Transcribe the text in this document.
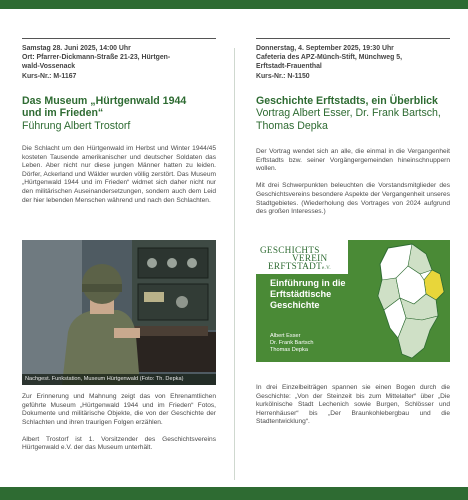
Samstag 28. Juni 2025, 14:00 Uhr
Ort: Pfarrer-Dickmann-Straße 21-23, Hürtgen-
wald-Vossenack
Kurs-Nr.: M-1167
Das Museum „Hürtgenwald 1944
und im Frieden“
Führung Albert Trostorf

Die Schlacht um den Hürtgenwald im Herbst und Winter 1944/45 kosteten Tausende amerikanischer und deutscher Soldaten das Leben. Aber nicht nur diese jungen Männer hatten zu leiden. Dörfer, Ackerland und Wälder wurden völlig zerstört. Das Museum „Hürtgenwald 1944 und im Frieden“ widmet sich daher nicht nur den militärischen Auseinandersetzungen, sondern auch dem Leid der hier lebenden Menschen während und nach den Schlachten.

Zur Erinnerung und Mahnung zeigt das von Ehrenamtlichen geführte Museum „Hürtgenwald 1944 und im Frieden“ Fotos, Dokumente und militärische Objekte, die von der Geschichte der Schlachten und ihren traurigen Folgen erzählen.

Albert Trostorf ist 1. Vorsitzender des Geschichtsvereins Hürtgenwald e.V. der das Museum unterhält.

Nachgest. Funkstation, Museum Hürtgenwald (Foto: Th. Depka)
Donnerstag, 4. September 2025, 19:30 Uhr
Cafeteria des APZ-Münch-Stift, Münchweg 5,
Erftstadt-Frauenthal
Kurs-Nr.: N-1150
Geschichte Erftstadts, ein Überblick
Vortrag Albert Esser, Dr. Frank Bartsch,
Thomas Depka

Der Vortrag wendet sich an alle, die einmal in die Vergangenheit Erftstadts bzw. seiner Vorgängergemeinden hineinschnuppern wollen.

Mit drei Schwerpunkten beleuchten die Vorstandsmitglieder des Geschichtsvereins besondere Aspekte der Vergangenheit unseres Stadtgebietes. (Wiederholung des Vortrages von 2024 aufgrund des großen Interesses.)

In drei Einzelbeiträgen spannen sie einen Bogen durch die Geschichte: „Von der Steinzeit bis zum Mittelalter“ über „Die kurkölnische Stadt Lechenich sowie Burgen, Schlösser und Herrenhäuser“ bis „Der Braunkohlebergbau und die Stadtentwicklung“.

GESCHICHTS
VEREIN
ERFTSTADTe.V.
Einführung in die
Erftstädtische
Geschichte
Albert Esser
Dr. Frank Bartsch
Thomas Depka
